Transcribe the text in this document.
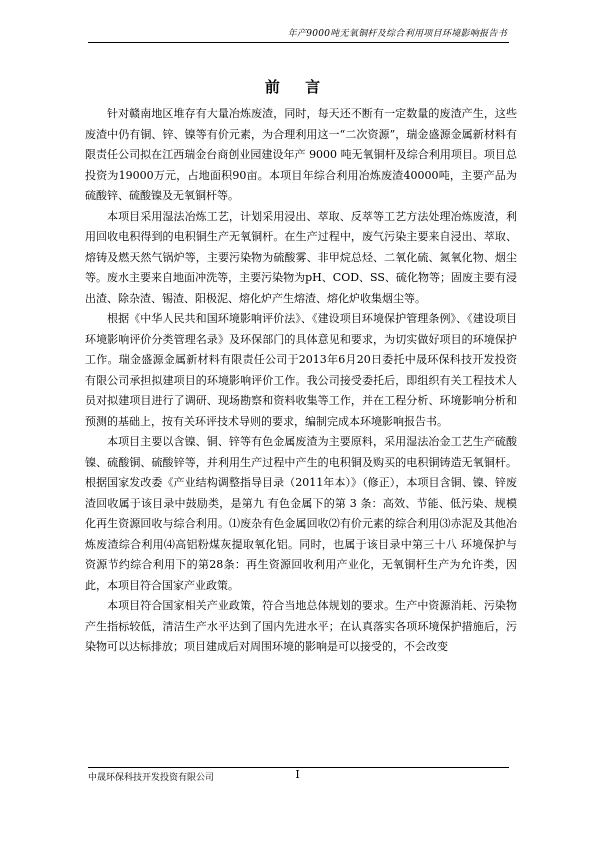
年产9000吨无氧铜杆及综合利用项目环境影响报告书
前 言

针对赣南地区堆存有大量冶炼废渣，同时，每天还不断有一定数量的废渣产生，这些废渣中仍有铜、锌、镍等有价元素，为合理利用这一“二次资源”，瑞金盛源金属新材料有限责任公司拟在江西瑞金台商创业园建设年产 9000 吨无氧铜杆及综合利用项目。项目总投资为19000万元，占地面积90亩。本项目年综合利用冶炼废渣40000吨，主要产品为硫酸锌、硫酸镍及无氧铜杆等。

本项目采用湿法冶炼工艺，计划采用浸出、萃取、反萃等工艺方法处理冶炼废渣，利用回收电积得到的电积铜生产无氧铜杆。在生产过程中，废气污染主要来自浸出、萃取、熔铸及燃天然气锅炉等，主要污染物为硫酸雾、非甲烷总烃、二氧化硫、氮氧化物、烟尘等。废水主要来自地面冲洗等，主要污染物为pH、COD、SS、硫化物等；固废主要有浸出渣、除杂渣、锡渣、阳极泥、熔化炉产生熔渣、熔化炉收集烟尘等。

根据《中华人民共和国环境影响评价法》、《建设项目环境保护管理条例》、《建设项目环境影响评价分类管理名录》及环保部门的具体意见和要求，为切实做好项目的环境保护工作。瑞金盛源金属新材料有限责任公司于2013年6月20日委托中晟环保科技开发投资有限公司承担拟建项目的环境影响评价工作。我公司接受委托后，即组织有关工程技术人员对拟建项目进行了调研、现场勘察和资料收集等工作，并在工程分析、环境影响分析和预测的基础上，按有关环评技术导则的要求，编制完成本环境影响报告书。

本项目主要以含镍、铜、锌等有色金属废渣为主要原料，采用湿法冶金工艺生产硫酸镍、硫酸铜、硫酸锌等，并利用生产过程中产生的电积铜及购买的电积铜铸造无氧铜杆。根据国家发改委《产业结构调整指导目录（2011年本）》（修正），本项目含铜、镍、锌废渣回收属于该目录中鼓励类，是第九 有色金属下的第 3 条：高效、节能、低污染、规模化再生资源回收与综合利用。⑴废杂有色金属回收⑵有价元素的综合利用⑶赤泥及其他冶炼废渣综合利用⑷高铝粉煤灰提取氧化铝。同时，也属于该目录中第三十八 环境保护与资源节约综合利用下的第28条：再生资源回收利用产业化，无氧铜杆生产为允许类，因此，本项目符合国家产业政策。

本项目符合国家相关产业政策，符合当地总体规划的要求。生产中资源消耗、污染物产生指标较低，清洁生产水平达到了国内先进水平；在认真落实各项环境保护措施后，污染物可以达标排放；项目建成后对周围环境的影响是可以接受的，不会改变

中晟环保科技开发投资有限公司	I
